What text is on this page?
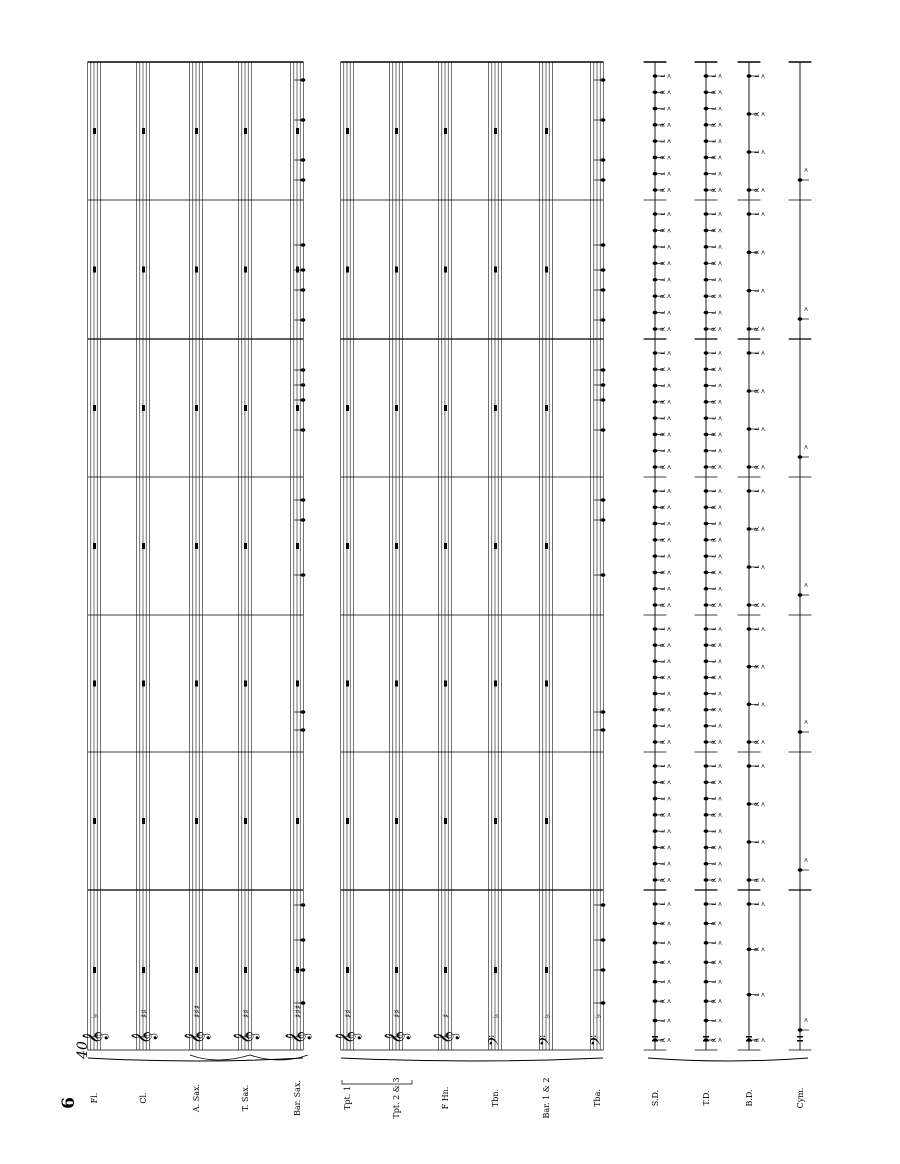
6
40
Fl.	Cl.	A. Sax.	T. Sax.	Bar. Sax.	Tpt. 1	Tpt. 2 & 3	F Hn.	Tbn.	Bar. 1 & 2	Tba.	S.D.	T.D.	B.D.	Cym.
𝄞
♭
𝄞
♯♯
𝄞
♯♯♯
𝄞
♯♯
𝄞
♯♯♯
𝄞
♯♯
𝄞
♯♯
𝄞
♯
𝄢
♭
𝄢
♭
𝄢
♭
R >
L >
R >
L >
R >
L >
R >
L >
R >
L >
R >
L >
R >
L >
R >
L >
R >
L >
R >
L >
R >
L >
R >
L >
R >
L >
R >
L >
R >
L >
R >
L >
R >
L >
R >
L >
R >
L >
R >
L >
R >
L >
R >
L >
R >
L >
R >
L >
R >
L >
R >
L >
R >
L >
R >
L >
R >
L >
R >
L >
R >
L >
R >
L >
R >
L >
R >
L >
R >
L >
R >
L >
R >
L >
R >
L >
R >
L >
R >
L >
R >
L >
R >
L >
R >
L >
R >
L >
R >
L >
R >
L >
R >
L >
R >
L >
R >
L >
R >
L >
R >
L >
R >
L >
R >
L >
R >
L >
R >
L >
R >
L >
R >
L >
R >
L >
R >
L >
R >
L >
R >
L >
R >
L >
R >
L >
R >
L >
R >
L >
R >
L >
R >
L >
R >
L >
R >
L >
R >
L >
>
>
>
>
>
>
>
